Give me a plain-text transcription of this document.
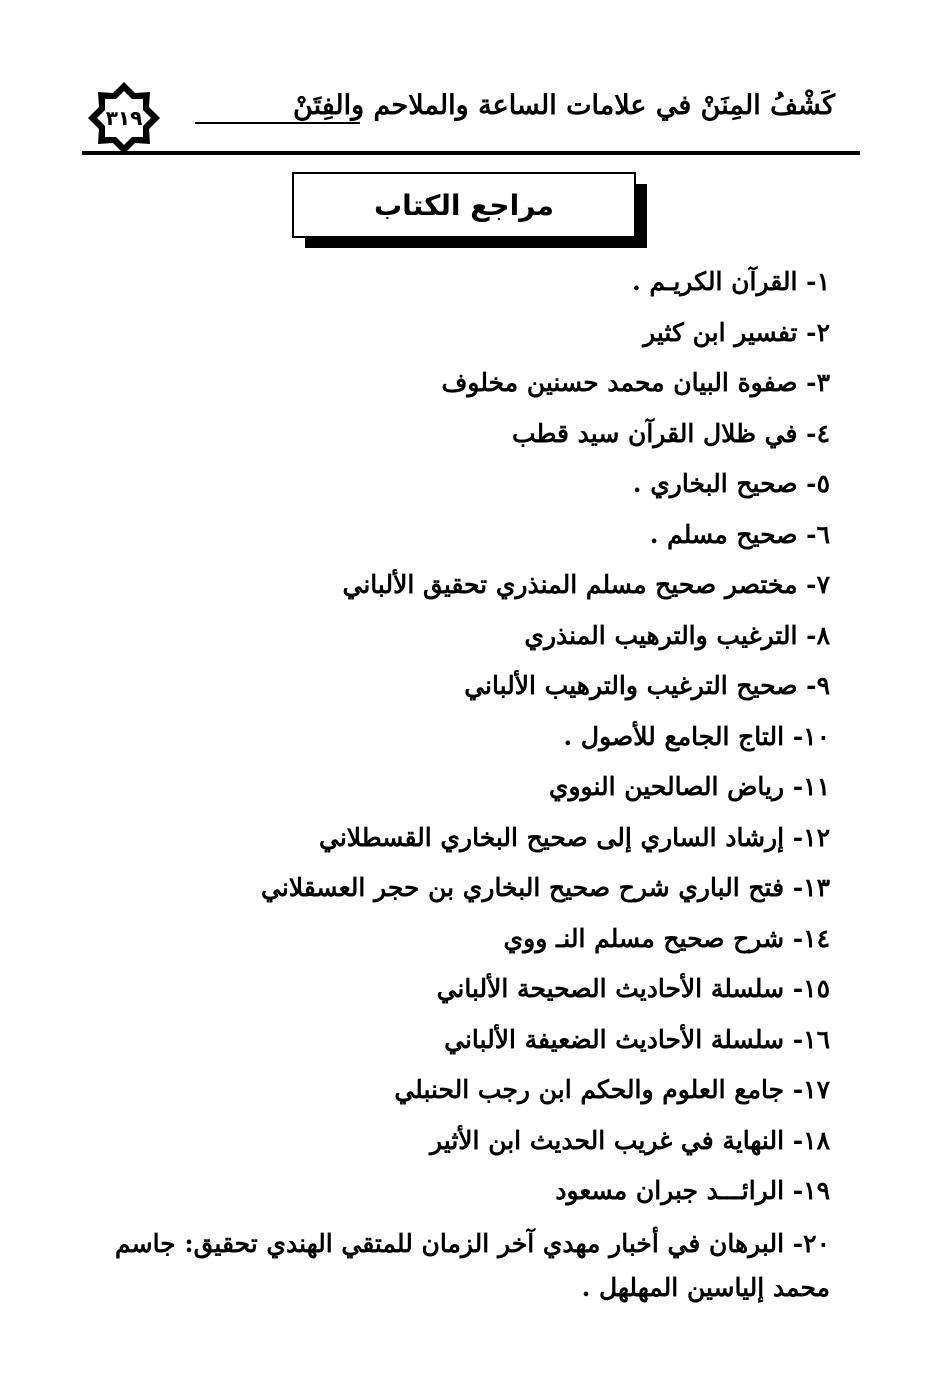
٣١٩	كَشْفُ المِنَنْ في علامات الساعة والملاحم والفِتَنْ
مراجع الكتاب
١- القرآن الكريـم .
٢- تفسير ابن كثير
٣- صفوة البيان محمد حسنين مخلوف
٤- في ظلال القرآن سيد قطب
٥- صحيح البخاري .
٦- صحيح مسلم .
٧- مختصر صحيح مسلم المنذري تحقيق الألباني
٨- الترغيب والترهيب المنذري
٩- صحيح الترغيب والترهيب الألباني
١٠- التاج الجامع للأصول .
١١- رياض الصالحين النووي
١٢- إرشاد الساري إلى صحيح البخاري القسطلاني
١٣- فتح الباري شرح صحيح البخاري بن حجر العسقلاني
١٤- شرح صحيح مسلم النـ ووي
١٥- سلسلة الأحاديث الصحيحة الألباني
١٦- سلسلة الأحاديث الضعيفة الألباني
١٧- جامع العلوم والحكم ابن رجب الحنبلي
١٨- النهاية في غريب الحديث ابن الأثير
١٩- الرائـــد جبران مسعود
٢٠- البرهان في أخبار مهدي آخر الزمان للمتقي الهندي تحقيق: جاسم محمد إلياسين المهلهل .
